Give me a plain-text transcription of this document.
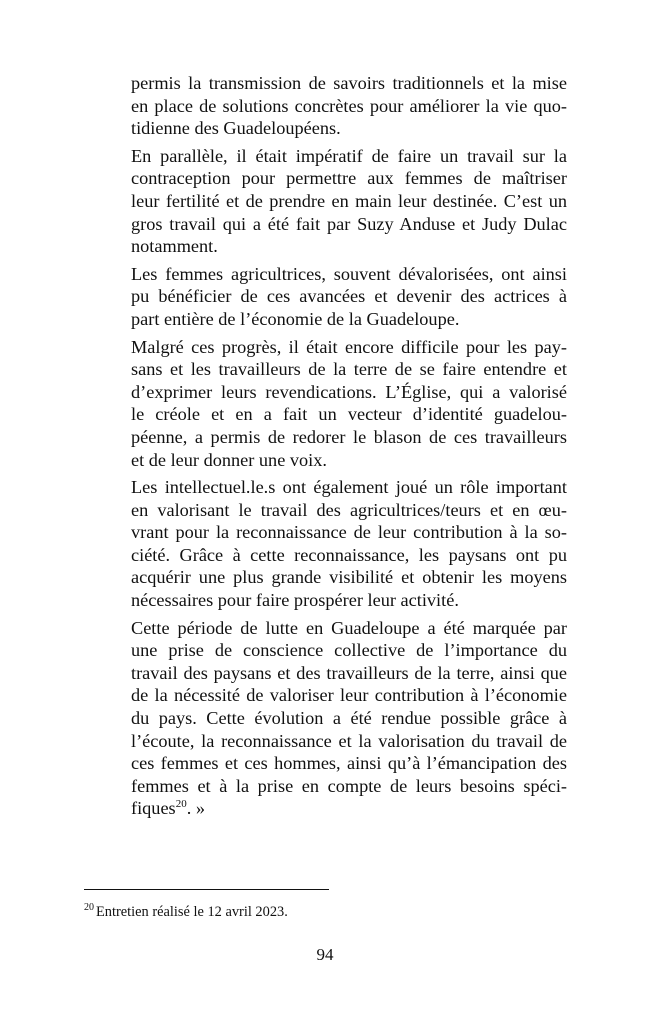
permis la transmission de savoirs traditionnels et la mise
en place de solutions concrètes pour améliorer la vie quo-
tidienne des Guadeloupéens.

En parallèle, il était impératif de faire un travail sur la
contraception pour permettre aux femmes de maîtriser
leur fertilité et de prendre en main leur destinée. C’est un
gros travail qui a été fait par Suzy Anduse et Judy Dulac
notamment.

Les femmes agricultrices, souvent dévalorisées, ont ainsi
pu bénéficier de ces avancées et devenir des actrices à
part entière de l’économie de la Guadeloupe.

Malgré ces progrès, il était encore difficile pour les pay-
sans et les travailleurs de la terre de se faire entendre et
d’exprimer leurs revendications. L’Église, qui a valorisé
le créole et en a fait un vecteur d’identité guadelou-
péenne, a permis de redorer le blason de ces travailleurs
et de leur donner une voix.

Les intellectuel.le.s ont également joué un rôle important
en valorisant le travail des agricultrices/teurs et en œu-
vrant pour la reconnaissance de leur contribution à la so-
ciété. Grâce à cette reconnaissance, les paysans ont pu
acquérir une plus grande visibilité et obtenir les moyens
nécessaires pour faire prospérer leur activité.

Cette période de lutte en Guadeloupe a été marquée par
une prise de conscience collective de l’importance du
travail des paysans et des travailleurs de la terre, ainsi que
de la nécessité de valoriser leur contribution à l’économie
du pays. Cette évolution a été rendue possible grâce à
l’écoute, la reconnaissance et la valorisation du travail de
ces femmes et ces hommes, ainsi qu’à l’émancipation des
femmes et à la prise en compte de leurs besoins spéci-
fiques$^{20}$. »

$^{20}$ Entretien réalisé le 12 avril 2023.
94
